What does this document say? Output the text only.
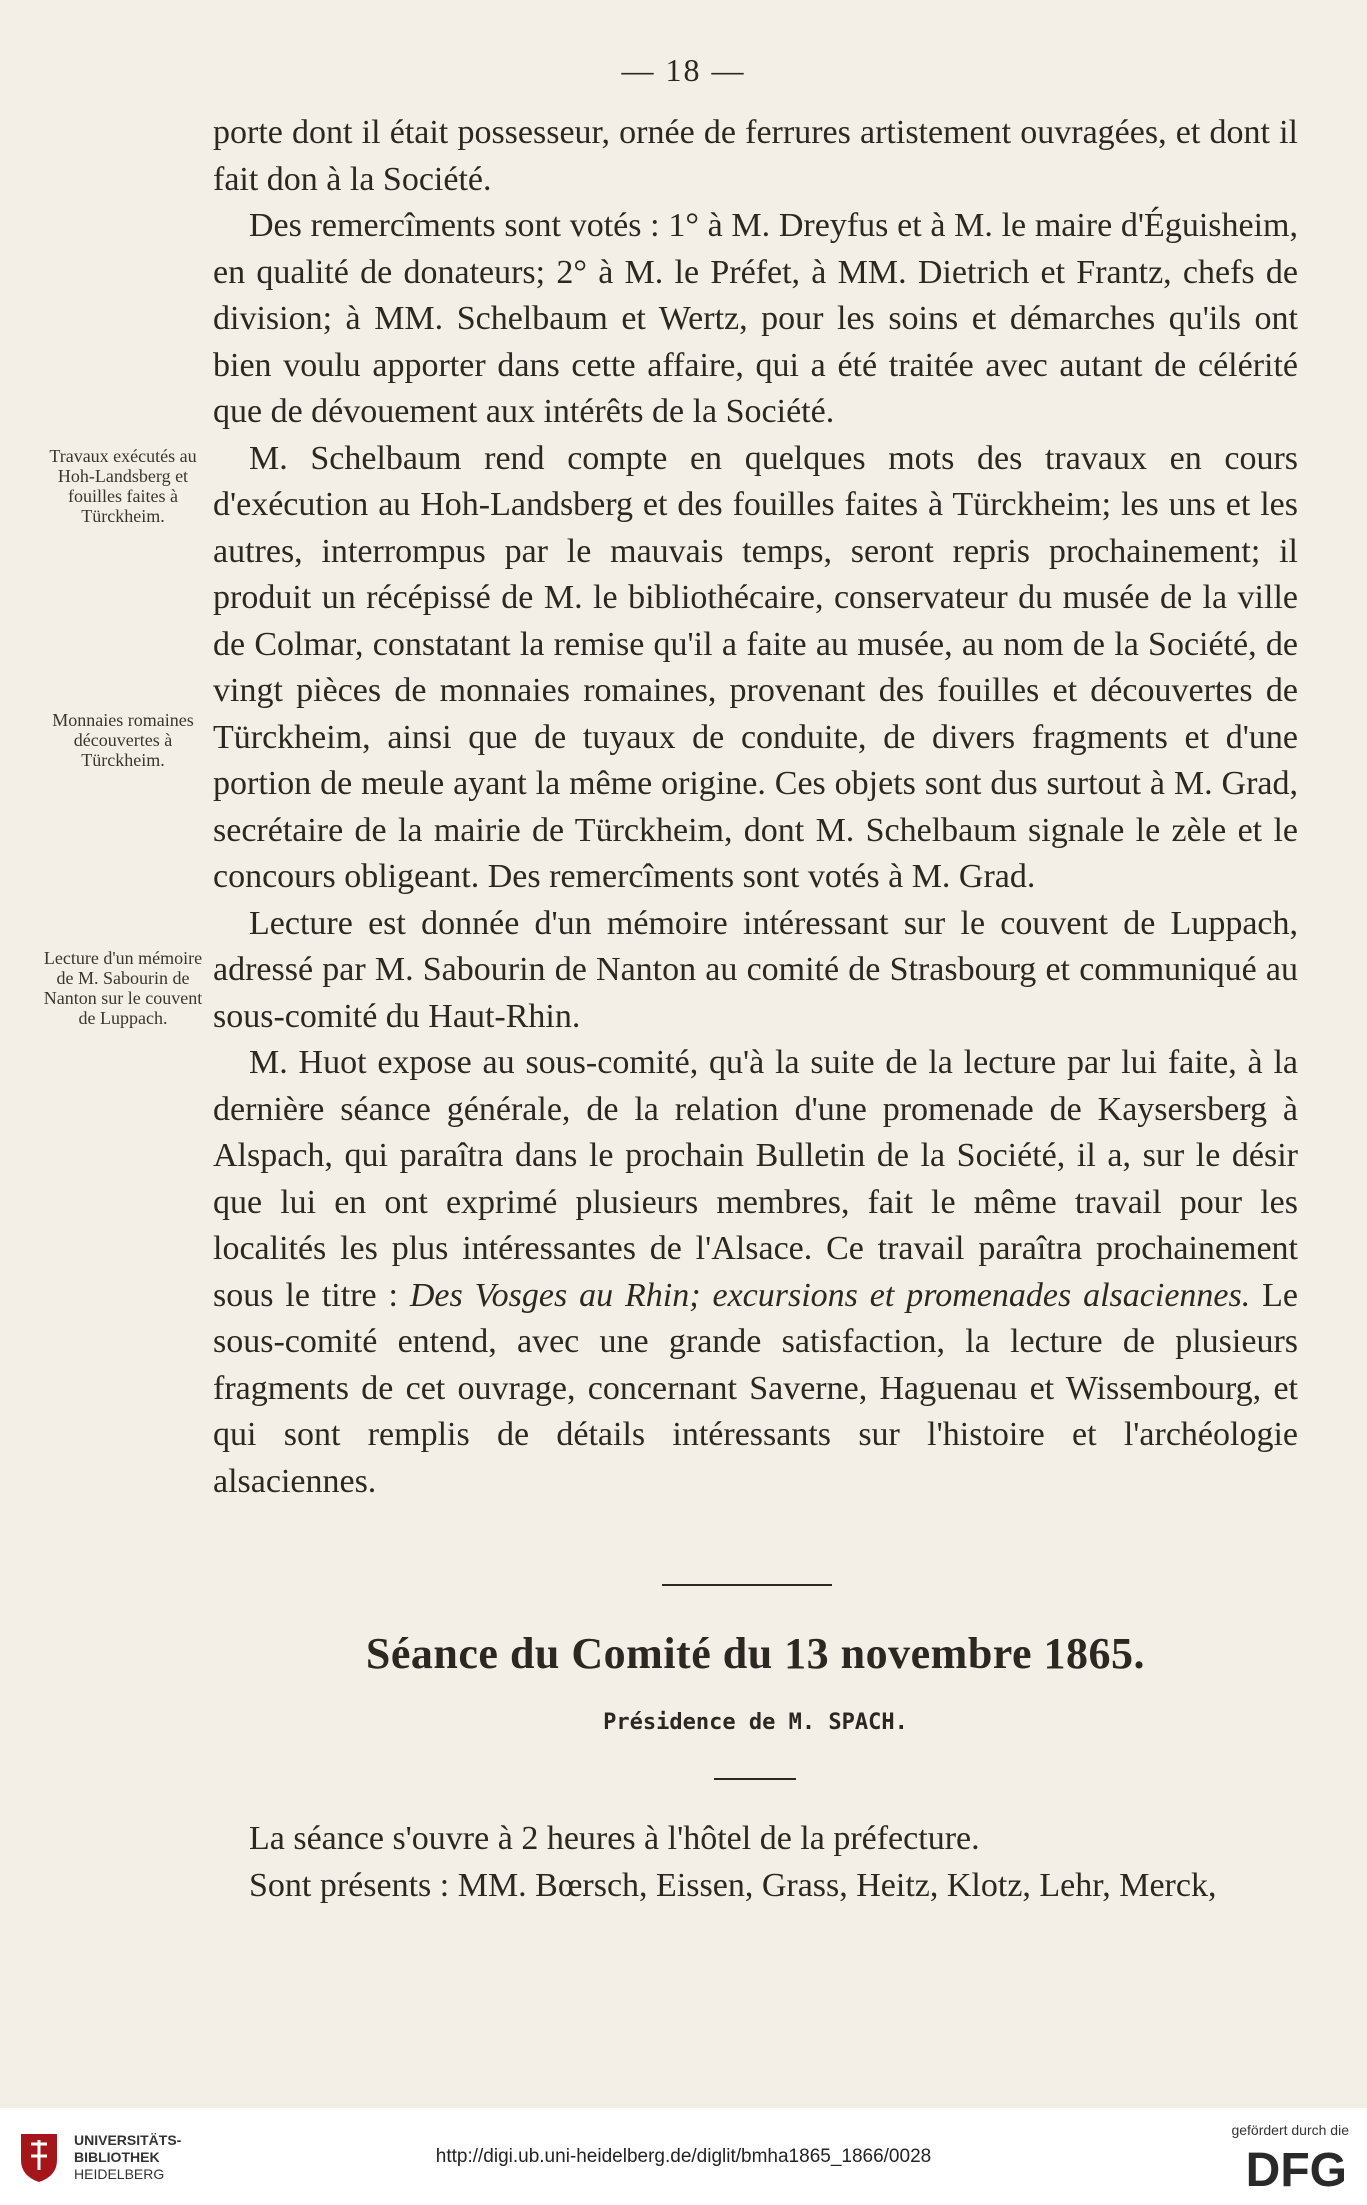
— 18 —

porte dont il était possesseur, ornée de ferrures artistement ouvragées, et dont il fait don à la Société.

Des remercîments sont votés : 1° à M. Dreyfus et à M. le maire d'Éguisheim, en qualité de donateurs; 2° à M. le Préfet, à MM. Dietrich et Frantz, chefs de division; à MM. Schelbaum et Wertz, pour les soins et démarches qu'ils ont bien voulu apporter dans cette affaire, qui a été traitée avec autant de célérité que de dévouement aux intérêts de la Société.

M. Schelbaum rend compte en quelques mots des travaux en cours d'exécution au Hoh-Landsberg et des fouilles faites à Türckheim; les uns et les autres, interrompus par le mauvais temps, seront repris prochainement; il produit un récépissé de M. le bibliothécaire, conservateur du musée de la ville de Colmar, constatant la remise qu'il a faite au musée, au nom de la Société, de vingt pièces de monnaies romaines, provenant des fouilles et découvertes de Türckheim, ainsi que de tuyaux de conduite, de divers fragments et d'une portion de meule ayant la même origine. Ces objets sont dus surtout à M. Grad, secrétaire de la mairie de Türckheim, dont M. Schelbaum signale le zèle et le concours obligeant. Des remercîments sont votés à M. Grad.

Lecture est donnée d'un mémoire intéressant sur le couvent de Luppach, adressé par M. Sabourin de Nanton au comité de Strasbourg et communiqué au sous-comité du Haut-Rhin.

M. Huot expose au sous-comité, qu'à la suite de la lecture par lui faite, à la dernière séance générale, de la relation d'une promenade de Kaysersberg à Alspach, qui paraîtra dans le prochain Bulletin de la Société, il a, sur le désir que lui en ont exprimé plusieurs membres, fait le même travail pour les localités les plus intéressantes de l'Alsace. Ce travail paraîtra prochainement sous le titre : Des Vosges au Rhin; excursions et promenades alsaciennes. Le sous-comité entend, avec une grande satisfaction, la lecture de plusieurs fragments de cet ouvrage, concernant Saverne, Haguenau et Wissembourg, et qui sont remplis de détails intéressants sur l'histoire et l'archéologie alsaciennes.

Travaux exécutés au Hoh-Landsberg et fouilles faites à Türckheim.
Monnaies romaines découvertes à Türckheim.
Lecture d'un mémoire de M. Sabourin de Nanton sur le couvent de Luppach.
Séance du Comité du 13 novembre 1865.
Présidence de M. SPACH.

La séance s'ouvre à 2 heures à l'hôtel de la préfecture.

Sont présents : MM. Bœrsch, Eissen, Grass, Heitz, Klotz, Lehr, Merck,

UNIVERSITÄTS-
BIBLIOTHEK
HEIDELBERG
http://digi.ub.uni-heidelberg.de/diglit/bmha1865_1866/0028
gefördert durch die
DFG
